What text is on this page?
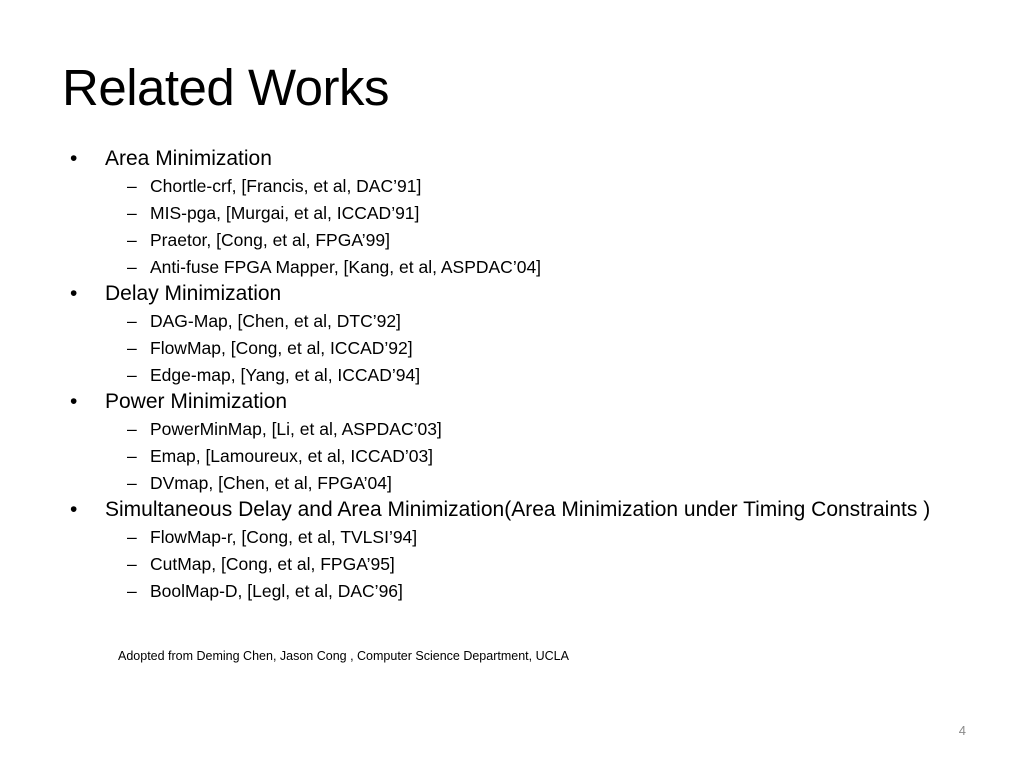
Related Works
•	Area Minimization
– Chortle-crf, [Francis, et al, DAC’91]
– MIS-pga, [Murgai, et al, ICCAD’91]
– Praetor, [Cong, et al, FPGA’99]
– Anti-fuse FPGA Mapper, [Kang, et al, ASPDAC’04]
•	Delay Minimization
– DAG-Map, [Chen, et al, DTC’92]
– FlowMap, [Cong, et al, ICCAD’92]
– Edge-map, [Yang, et al, ICCAD’94]
•	Power Minimization
– PowerMinMap, [Li, et al, ASPDAC’03]
– Emap, [Lamoureux, et al, ICCAD’03]
– DVmap, [Chen, et al, FPGA’04]
•	Simultaneous Delay and Area Minimization(Area Minimization under Timing Constraints )
– FlowMap-r, [Cong, et al, TVLSI’94]
– CutMap, [Cong, et al, FPGA’95]
– BoolMap-D, [Legl, et al, DAC’96]
Adopted from Deming Chen, Jason Cong , Computer Science Department, UCLA
4
